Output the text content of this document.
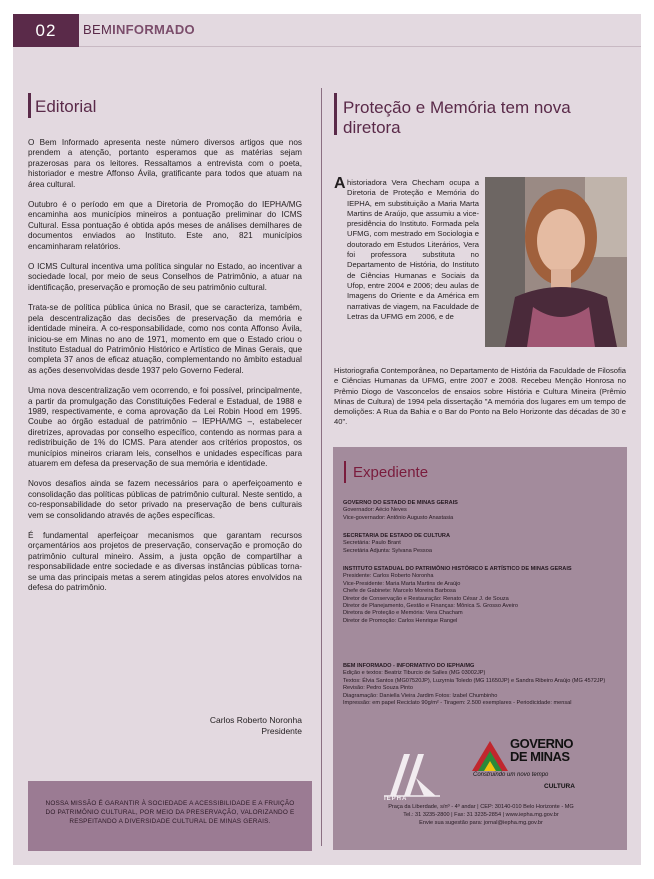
02	BEMINFORMADO
Editorial

O Bem Informado apresenta neste número diversos artigos que nos prendem a atenção, portanto esperamos que as matérias sejam prazerosas para os leitores. Ressaltamos a entrevista com o poeta, historiador e mestre Affonso Ávila, gratificante para todos que atuam na área cultural.

Outubro é o período em que a Diretoria de Promoção do IEPHA/MG encaminha aos municípios mineiros a pontuação preliminar do ICMS Cultural. Essa pontuação é obtida após meses de análises demilhares de documentos enviados ao Instituto. Este ano, 821 municípios encaminharam relatórios.

O ICMS Cultural incentiva uma política singular no Estado, ao incentivar a sociedade local, por meio de seus Conselhos de Patrimônio, a atuar na identificação, preservação e promoção de seu patrimônio cultural.

Trata-se de política pública única no Brasil, que se caracteriza, também, pela descentralização das decisões de preservação da memória e identidade mineira. A co-responsabilidade, como nos conta Affonso Ávila, iniciou-se em Minas no ano de 1971, momento em que o Estado criou o Instituto Estadual do Patrimônio Histórico e Artístico de Minas Gerais, que completa 37 anos de eficaz atuação, complementando no âmbito estadual as ações desenvolvidas desde 1937 pelo Governo Federal.

Uma nova descentralização vem ocorrendo, e foi possível, principalmente, a partir da promulgação das Constituições Federal e Estadual, de 1988 e 1989, respectivamente, e coma aprovação da Lei Robin Hood em 1995. Coube ao órgão estadual de patrimônio – IEPHA/MG –, estabelecer diretrizes, aprovadas por conselho específico, contendo as normas para a redistribuição de 1% do ICMS. Para atender aos critérios propostos, os municípios mineiros criaram leis, conselhos e unidades específicas para atuarem em defesa da preservação de sua memória e identidade.

Novos desafios ainda se fazem necessários para o aperfeiçoamento e consolidação das políticas públicas de patrimônio cultural. Neste sentido, a co-responsabilidade do setor privado na preservação de bens culturais vem se consolidando através de ações específicas.

É fundamental aperfeiçoar mecanismos que garantam recursos orçamentários aos projetos de preservação, conservação e promoção do patrimônio cultural mineiro. Assim, a justa opção de compartilhar a responsabilidade entre sociedade e as diversas instâncias públicas torna-se uma das principais metas a serem atingidas pelos atores envolvidos na defesa do patrimônio.

Carlos Roberto Noronha
Presidente
NOSSA MISSÃO É GARANTIR À SOCIEDADE A ACESSIBILIDADE E A FRUIÇÃO DO PATRIMÔNIO CULTURAL, POR MEIO DA PRESERVAÇÃO, VALORIZANDO E RESPEITANDO A DIVERSIDADE CULTURAL DE MINAS GERAIS.
Proteção e Memória tem nova diretora
A historiadora Vera Checham ocupa a Diretoria de Proteção e Memória do IEPHA, em substituição a Maria Marta Martins de Araújo, que assumiu a vice-presidência do Instituto. Formada pela UFMG, com mestrado em Sociologia e doutorado em Estudos Literários, Vera foi professora substituta no Departamento de História, do Instituto de Ciências Humanas e Sociais da Ufop, entre 2004 e 2006; deu aulas de Imagens do Oriente e da América em narrativas de viagem, na Faculdade de Letras da UFMG em 2006, e de
Historiografia Contemporânea, no Departamento de História da Faculdade de Filosofia e Ciências Humanas da UFMG, entre 2007 e 2008. Recebeu Menção Honrosa no Prêmio Diogo de Vasconcelos de ensaios sobre História e Cultura Mineira (Prêmio Minas de Cultura) de 1994 pela dissertação "A memória dos lugares em um tempo de demolições: A Rua da Bahia e o Bar do Ponto na Belo Horizonte das décadas de 30 e 40".
Expediente
GOVERNO DO ESTADO DE MINAS GERAIS
Governador: Aécio Neves
Vice-governador: Antônio Augusto Anastasia
SECRETARIA DE ESTADO DE CULTURA
Secretária: Paulo Brant
Secretária Adjunta: Sylvana Pessoa
INSTITUTO ESTADUAL DO PATRIMÔNIO HISTÓRICO E ARTÍSTICO DE MINAS GERAIS
Presidente: Carlos Roberto Noronha
Vice-Presidente: Maria Marta Martins de Araújo
Chefe de Gabinete: Marcelo Moreira Barbosa
Diretor de Conservação e Restauração: Renato César J. de Souza
Diretor de Planejamento, Gestão e Finanças: Mônica S. Grosso Aveiro
Diretora de Proteção e Memória: Vera Chacham
Diretor de Promoção: Carlos Henrique Rangel
BEM INFORMADO - INFORMATIVO DO IEPHA/MG
Edição e textos: Beatriz Tiburcio de Salles (MG 03002JP)
Textos: Élvia Santos (MG07520JP), Luzyrnia Toledo (MG 11650JP) e Sandra Ribeiro Araújo (MG 4572JP) Revisão: Pedro Souza Pinto
Diagramação: Daniella Vieira Jardim Fotos: Izabel Chumbinho
Impressão: em papel Reciclato 90g/m² - Tiragem: 2.500 exemplares - Periodicidade: mensal
IEPHA
GOVERNO
DE MINAS
Construindo um novo tempo
CULTURA
Praça da Liberdade, s/nº - 4º andar | CEP: 30140-010 Belo Horizonte - MG
Tel.: 31 3235-2800 | Fax: 31 3235-2854 | www.iepha.mg.gov.br
Envie sua sugestão para: jornal@iepha.mg.gov.br
